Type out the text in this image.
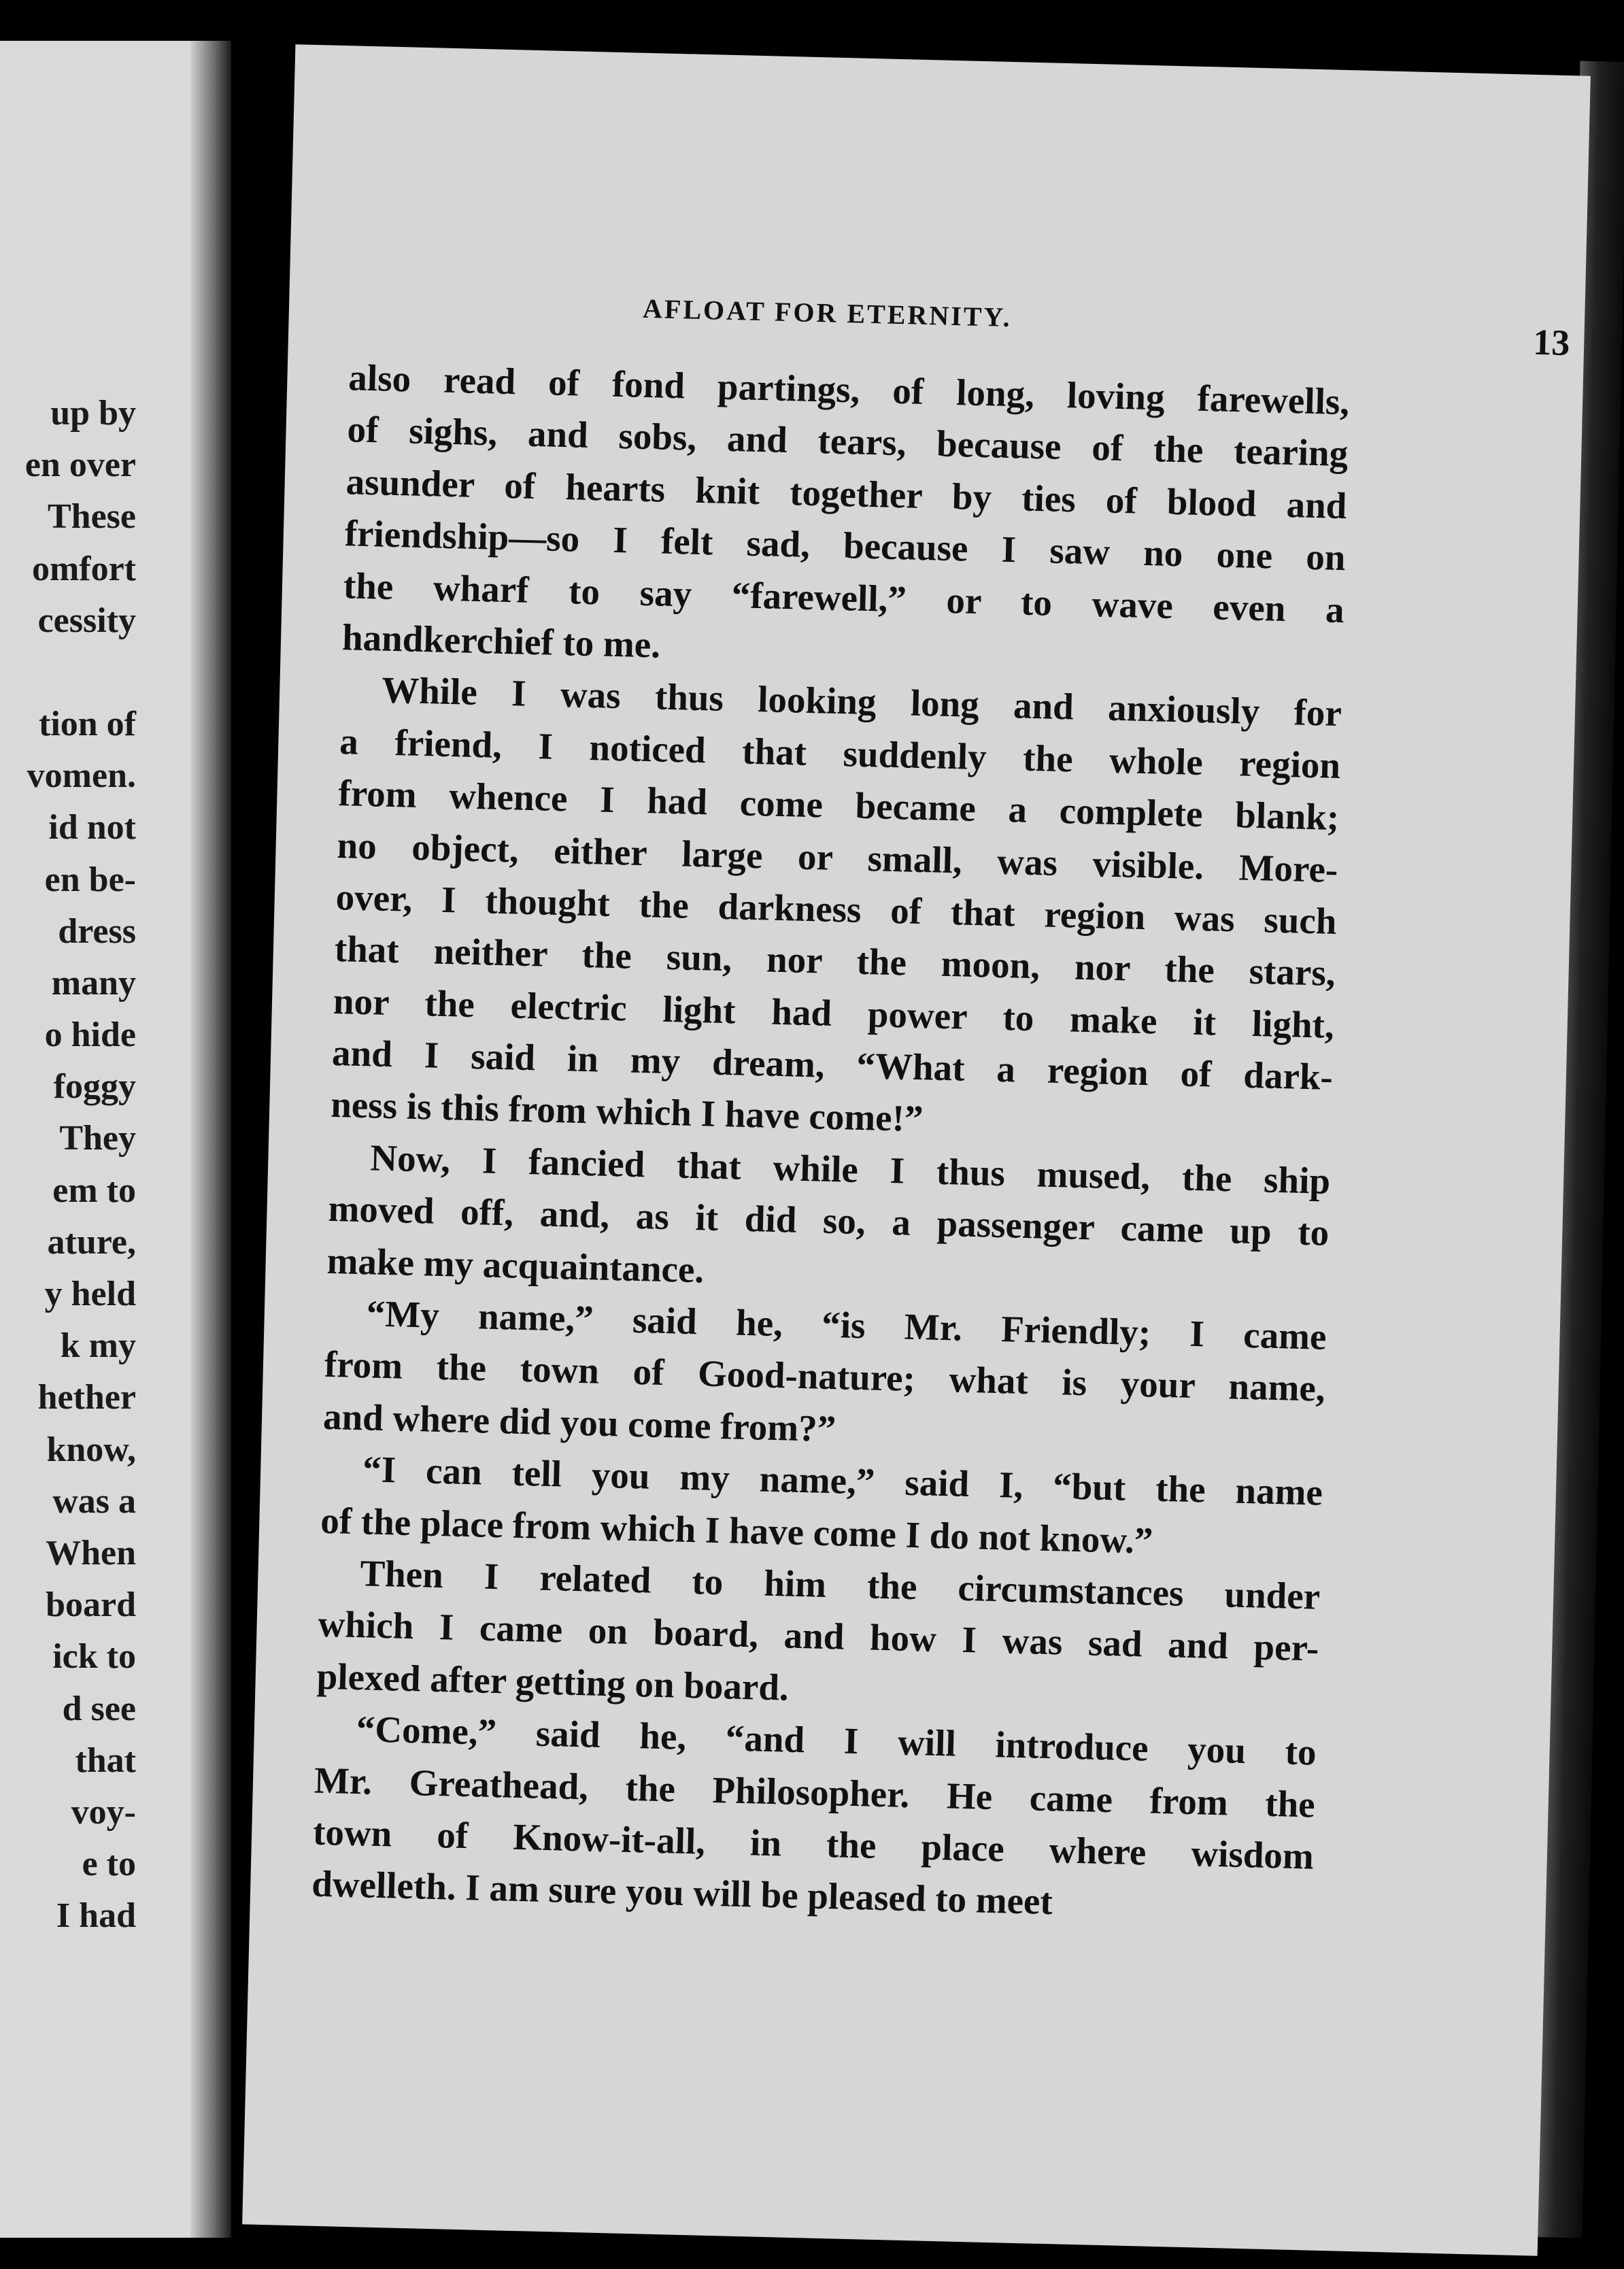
up by
en over
These
omfort
cessity
tion of
vomen.
id not
en be-
dress
many
o hide
foggy
They
em to
ature,
y held
k my
hether
know,
was a
When
board
ick to
d see
that
voy-
e to
I had
AFLOAT FOR ETERNITY.
13
also read of fond partings, of long, loving farewells,
of sighs, and sobs, and tears, because of the tearing
asunder of hearts knit together by ties of blood and
friendship—so I felt sad, because I saw no one on
the wharf to say “farewell,” or to wave even a
handkerchief to me.
While I was thus looking long and anxiously for
a friend, I noticed that suddenly the whole region
from whence I had come became a complete blank;
no object, either large or small, was visible. More-
over, I thought the darkness of that region was such
that neither the sun, nor the moon, nor the stars,
nor the electric light had power to make it light,
and I said in my dream, “What a region of dark-
ness is this from which I have come!”
Now, I fancied that while I thus mused, the ship
moved off, and, as it did so, a passenger came up to
make my acquaintance.
“My name,” said he, “is Mr. Friendly; I came
from the town of Good-nature; what is your name,
and where did you come from?”
“I can tell you my name,” said I, “but the name
of the place from which I have come I do not know.”
Then I related to him the circumstances under
which I came on board, and how I was sad and per-
plexed after getting on board.
“Come,” said he, “and I will introduce you to
Mr. Greathead, the Philosopher. He came from the
town of Know-it-all, in the place where wisdom
dwelleth. I am sure you will be pleased to meet
